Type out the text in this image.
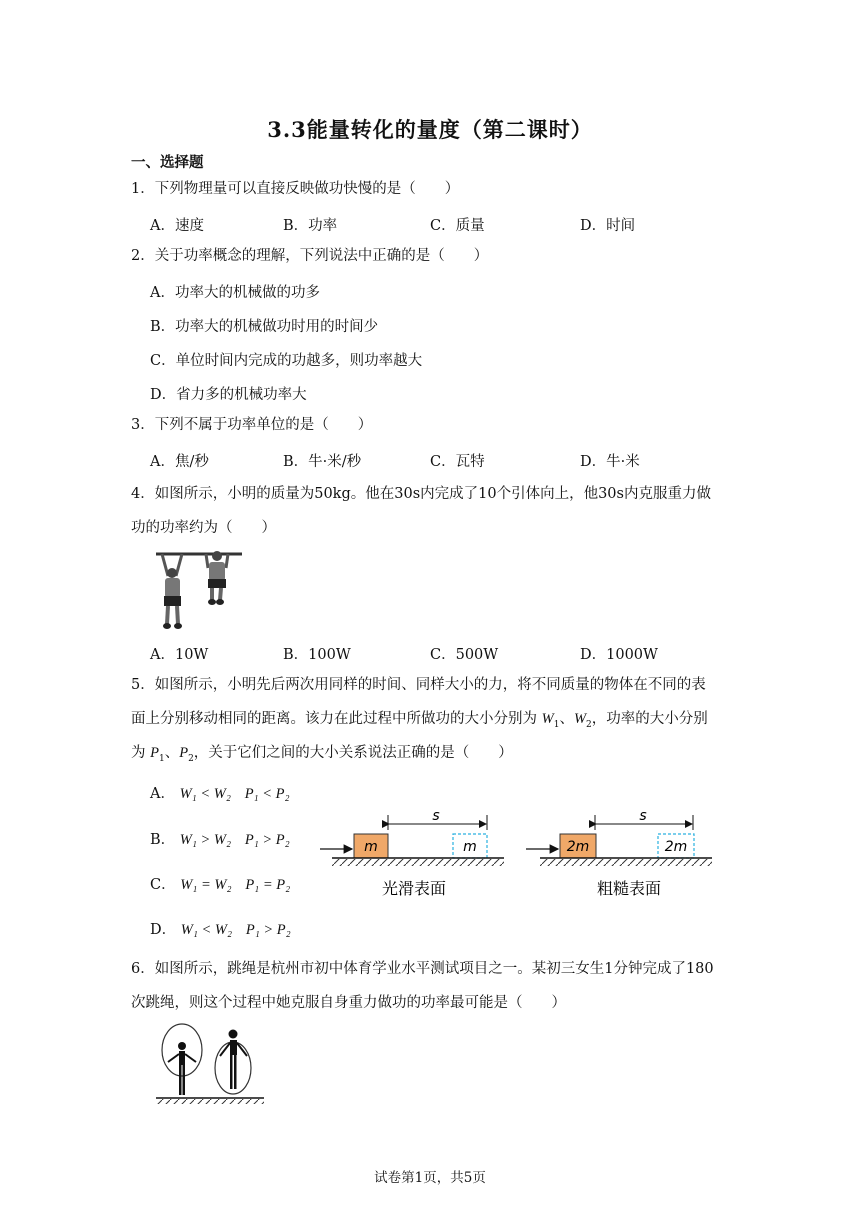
3.3能量转化的量度（第二课时）
一、选择题
1．下列物理量可以直接反映做功快慢的是（　　）
A．速度	B．功率	C．质量	D．时间
2．关于功率概念的理解，下列说法中正确的是（　　）
A．功率大的机械做的功多
B．功率大的机械做功时用的时间少
C．单位时间内完成的功越多，则功率越大
D．省力多的机械功率大
3．下列不属于功率单位的是（　　）
A．焦/秒	B．牛·米/秒	C．瓦特	D．牛·米
4．如图所示，小明的质量为50kg。他在30s内完成了10个引体向上，他30s内克服重力做
功的功率约为（　　）
A．10W	B．100W	C．500W	D．1000W
5．如图所示，小明先后两次用同样的时间、同样大小的力，将不同质量的物体在不同的表
面上分别移动相同的距离。该力在此过程中所做功的大小分别为 $W_1$、$W_2$，功率的大小分别
为 $P_1$、$P_2$，关于它们之间的大小关系说法正确的是（　　）
A． W₁ < W₂ P₁ < P₂
B． W₁ > W₂ P₁ > P₂
C． W₁ = W₂ P₁ = P₂
D． W₁ < W₂ P₁ > P₂
s
m	m
光滑表面
s
2m	2m
粗糙表面
6．如图所示，跳绳是杭州市初中体育学业水平测试项目之一。某初三女生1分钟完成了180
次跳绳，则这个过程中她克服自身重力做功的功率最可能是（　　）
试卷第1页，共5页
